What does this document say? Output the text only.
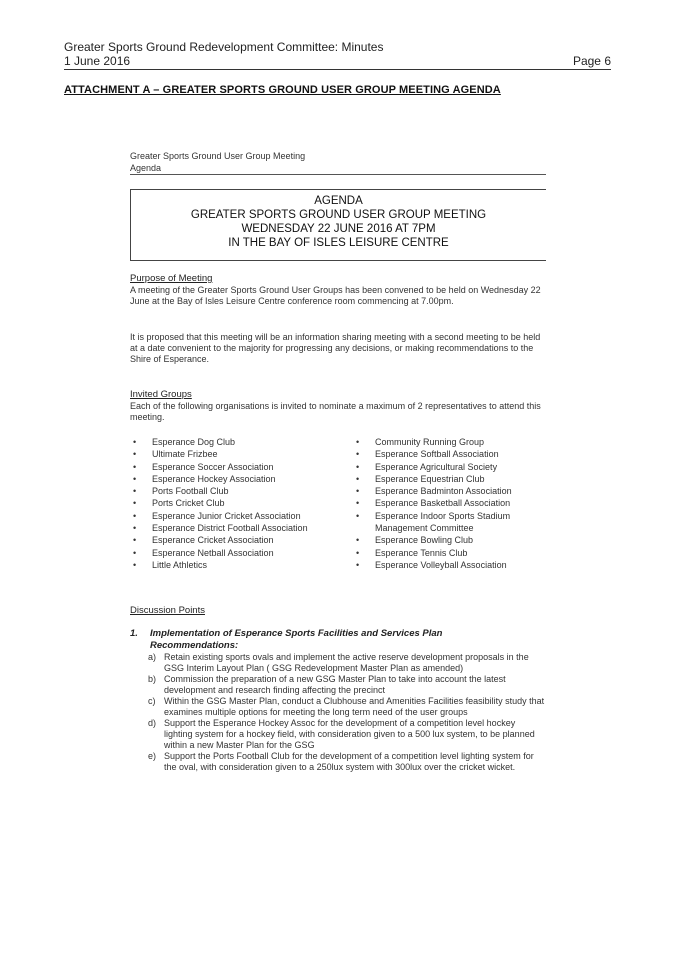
Greater Sports Ground Redevelopment Committee: Minutes
1 June 2016	Page 6
ATTACHMENT A – GREATER SPORTS GROUND USER GROUP MEETING AGENDA
Greater Sports Ground User Group Meeting
Agenda
AGENDA
GREATER SPORTS GROUND USER GROUP MEETING
WEDNESDAY 22 JUNE 2016 AT 7PM
IN THE BAY OF ISLES LEISURE CENTRE
Purpose of Meeting
A meeting of the Greater Sports Ground User Groups has been convened to be held on Wednesday 22 June at the Bay of Isles Leisure Centre conference room commencing at 7.00pm.
It is proposed that this meeting will be an information sharing meeting with a second meeting to be held at a date convenient to the majority for progressing any decisions, or making recommendations to the Shire of Esperance.
Invited Groups
Each of the following organisations is invited to nominate a maximum of 2 representatives to attend this meeting.
• Esperance Dog Club
• Ultimate Frizbee
• Esperance Soccer Association
• Esperance Hockey Association
• Ports Football Club
• Ports Cricket Club
• Esperance Junior Cricket Association
• Esperance District Football Association
• Esperance Cricket Association
• Esperance Netball Association
• Little Athletics
• Community Running Group
• Esperance Softball Association
• Esperance Agricultural Society
• Esperance Equestrian Club
• Esperance Badminton Association
• Esperance Basketball Association
• Esperance Indoor Sports Stadium Management Committee
• Esperance Bowling Club
• Esperance Tennis Club
• Esperance Volleyball Association
Discussion Points
1. Implementation of Esperance Sports Facilities and Services Plan Recommendations:
a) Retain existing sports ovals and implement the active reserve development proposals in the GSG Interim Layout Plan ( GSG Redevelopment Master Plan as amended)
b) Commission the preparation of a new GSG Master Plan to take into account the latest development and research finding affecting the precinct
c) Within the GSG Master Plan, conduct a Clubhouse and Amenities Facilities feasibility study that examines multiple options for meeting the long term need of the user groups
d) Support the Esperance Hockey Assoc for the development of a competition level hockey lighting system for a hockey field, with consideration given to a 500 lux system, to be planned within a new Master Plan for the GSG
e) Support the Ports Football Club for the development of a competition level lighting system for the oval, with consideration given to a 250lux system with 300lux over the cricket wicket.
